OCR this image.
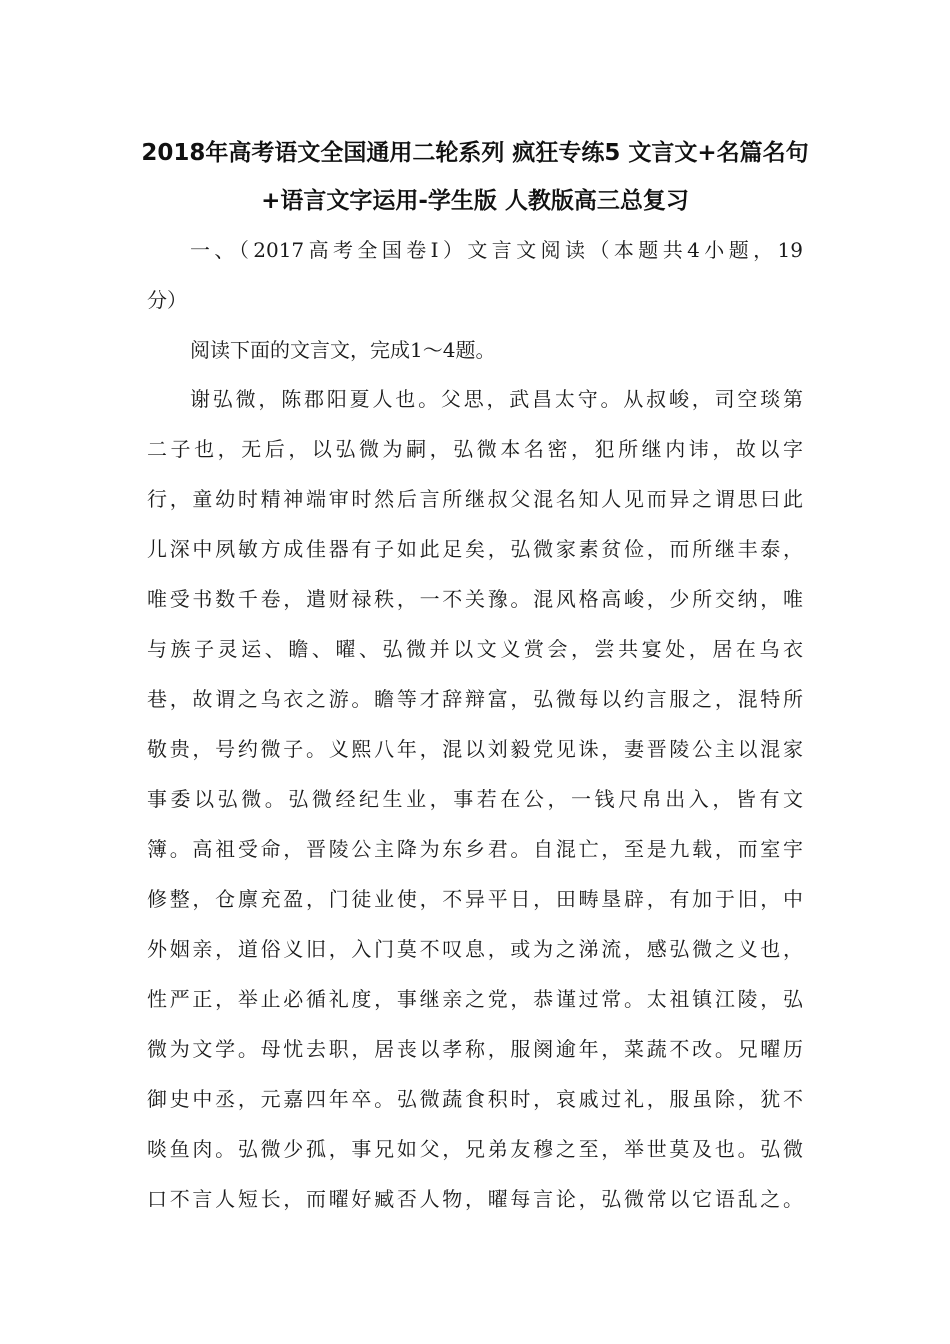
2018年高考语文全国通用二轮系列 疯狂专练5 文言文+名篇名句
+语言文字运用-学生版 人教版高三总复习
一、（2017高考全国卷Ⅰ）文言文阅读（本题共4小题，19
分）
阅读下面的文言文，完成1～4题。
谢弘微，陈郡阳夏人也。父思，武昌太守。从叔峻，司空琰第
二子也，无后，以弘微为嗣，弘微本名密，犯所继内讳，故以字
行，童幼时精神端审时然后言所继叔父混名知人见而异之谓思曰此
儿深中夙敏方成佳器有子如此足矣，弘微家素贫俭，而所继丰泰，
唯受书数千卷，遣财禄秩，一不关豫。混风格高峻，少所交纳，唯
与族子灵运、瞻、曜、弘微并以文义赏会，尝共宴处，居在乌衣
巷，故谓之乌衣之游。瞻等才辞辩富，弘微每以约言服之，混特所
敬贵，号约微子。义熙八年，混以刘毅党见诛，妻晋陵公主以混家
事委以弘微。弘微经纪生业，事若在公，一钱尺帛出入，皆有文
簿。高祖受命，晋陵公主降为东乡君。自混亡，至是九载，而室宇
修整，仓廪充盈，门徒业使，不异平日，田畴垦辟，有加于旧，中
外姻亲，道俗义旧，入门莫不叹息，或为之涕流，感弘微之义也，
性严正，举止必循礼度，事继亲之党，恭谨过常。太祖镇江陵，弘
微为文学。母忧去职，居丧以孝称，服阕逾年，菜蔬不改。兄曜历
御史中丞，元嘉四年卒。弘微蔬食积时，哀戚过礼，服虽除，犹不
啖鱼肉。弘微少孤，事兄如父，兄弟友穆之至，举世莫及也。弘微
口不言人短长，而曜好臧否人物，曜每言论，弘微常以它语乱之。
